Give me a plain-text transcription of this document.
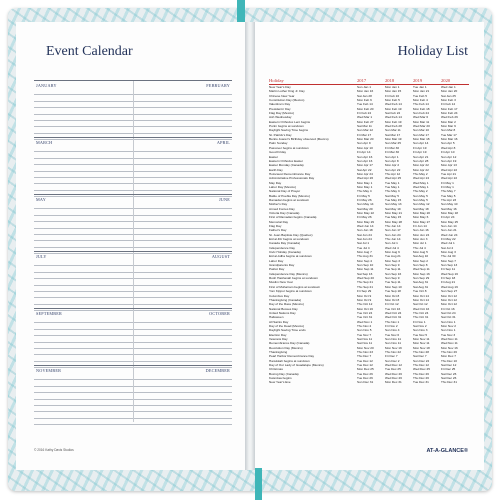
Event Calendar
JANUARY	FEBRUARY
MARCH	APRIL
MAY	JUNE
JULY	AUGUST
SEPTEMBER	OCTOBER
NOVEMBER	DECEMBER
© 2016 Kathy Davis Studios
Holiday List
Holiday	2017	2018	2019	2020
New Year's Day	Sun Jan 1	Mon Jan 1	Tue Jan 1	Wed Jan 1
Martin Luther King Jr. Day	Mon Jan 16	Mon Jan 15	Mon Jan 21	Mon Jan 20
Chinese New Year	Sat Jan 28	Fri Feb 16	Tue Feb 5	Sat Jan 25
Constitution Day (Mexico)	Mon Feb 6	Mon Feb 5	Mon Feb 4	Mon Feb 3
Valentine's Day	Tue Feb 14	Wed Feb 14	Thu Feb 14	Fri Feb 14
Presidents' Day	Mon Feb 20	Mon Feb 19	Mon Feb 18	Mon Feb 17
Flag Day (Mexico)	Fri Feb 24	Sat Feb 24	Sun Feb 24	Mon Feb 24
Ash Wednesday	Wed Mar 1	Wed Feb 14	Wed Mar 6	Wed Feb 26
Eastern Orthodox Lent begins	Mon Feb 27	Mon Feb 19	Mon Mar 11	Mon Mar 2
Purim begins at sundown	Sat Mar 11	Wed Feb 28	Wed Mar 20	Mon Mar 9
Daylight Saving Time begins	Sun Mar 12	Sun Mar 11	Sun Mar 10	Sun Mar 8
St. Patrick's Day	Fri Mar 17	Sat Mar 17	Sun Mar 17	Tue Mar 17
Benito Juarez's Birthday observed (Mexico)	Mon Mar 20	Mon Mar 19	Mon Mar 18	Mon Mar 16
Palm Sunday	Sun Apr 9	Sun Mar 25	Sun Apr 14	Sun Apr 5
Passover begins at sundown	Mon Apr 10	Fri Mar 30	Fri Apr 19	Wed Apr 8
Good Friday	Fri Apr 14	Fri Mar 30	Fri Apr 19	Fri Apr 10
Easter	Sun Apr 16	Sun Apr 1	Sun Apr 21	Sun Apr 12
Eastern Orthodox Easter	Sun Apr 16	Sun Apr 8	Sun Apr 28	Sun Apr 19
Easter Monday (Canada)	Mon Apr 17	Mon Apr 2	Mon Apr 22	Mon Apr 13
Earth Day	Sat Apr 22	Sun Apr 22	Mon Apr 22	Wed Apr 22
Holocaust Remembrance Day	Mon Apr 24	Thu Apr 12	Thu May 2	Tue Apr 21
Administrative Professionals Day	Wed Apr 26	Wed Apr 25	Wed Apr 24	Wed Apr 22
May Day	Mon May 1	Tue May 1	Wed May 1	Fri May 1
Labor Day (Mexico)	Mon May 1	Tue May 1	Wed May 1	Fri May 1
National Day of Prayer	Thu May 4	Thu May 3	Thu May 2	Thu May 7
Battle of Puebla Day (Mexico)	Fri May 5	Sat May 5	Sun May 5	Tue May 5
Ramadan begins at sundown	Fri May 26	Tue May 15	Sun May 5	Thu Apr 23
Mother's Day	Sun May 14	Sun May 13	Sun May 12	Sun May 10
Armed Forces Day	Sat May 20	Sat May 19	Sat May 18	Sat May 16
Victoria Day (Canada)	Mon May 22	Mon May 21	Mon May 20	Mon May 18
First of Ramadan begins (Canada)	Fri May 26	Tue May 15	Mon May 6	Fri Apr 24
Memorial Day	Mon May 29	Mon May 28	Mon May 27	Mon May 25
Flag Day	Wed Jun 14	Thu Jun 14	Fri Jun 14	Sun Jun 14
Father's Day	Sun Jun 18	Sun Jun 17	Sun Jun 16	Sun Jun 21
St. Jean Baptiste Day (Quebec)	Sat Jun 24	Sun Jun 24	Mon Jun 24	Wed Jun 24
Eid al-Fitr begins at sundown	Sat Jun 24	Thu Jun 14	Mon Jun 3	Fri May 22
Canada Day (Canada)	Sat Jul 1	Sun Jul 1	Mon Jul 1	Wed Jul 1
Independence Day	Tue Jul 4	Wed Jul 4	Thu Jul 4	Sat Jul 4
Civic Holiday (Canada)	Mon Aug 7	Mon Aug 6	Mon Aug 5	Mon Aug 3
Eid al-Adha begins at sundown	Thu Aug 31	Tue Aug 21	Sat Aug 10	Thu Jul 30
Labor Day	Mon Sep 4	Mon Sep 3	Mon Sep 2	Mon Sep 7
Grandparents Day	Sun Sep 10	Sun Sep 9	Sun Sep 8	Sun Sep 13
Patriot Day	Mon Sep 11	Tue Sep 11	Wed Sep 11	Fri Sep 11
Independence Day (Mexico)	Sat Sep 16	Sun Sep 16	Mon Sep 16	Wed Sep 16
Rosh Hashanah begins at sundown	Wed Sep 20	Sun Sep 9	Sun Sep 29	Fri Sep 18
Muslim New Year	Thu Sep 21	Tue Sep 11	Sat Aug 31	Fri Aug 21
First of Muharram begins at sundown	Thu Sep 21	Mon Sep 10	Sat Aug 31	Wed Aug 19
Yom Kippur begins at sundown	Fri Sep 29	Tue Sep 18	Tue Oct 8	Sun Sep 27
Columbus Day	Mon Oct 9	Mon Oct 8	Mon Oct 14	Mon Oct 12
Thanksgiving (Canada)	Mon Oct 9	Mon Oct 8	Mon Oct 14	Mon Oct 12
Day of the Race (Mexico)	Thu Oct 12	Fri Oct 12	Sat Oct 12	Mon Oct 12
National Bosses Day	Mon Oct 16	Tue Oct 16	Wed Oct 16	Fri Oct 16
United Nations Day	Tue Oct 24	Wed Oct 24	Thu Oct 24	Sat Oct 24
Halloween	Tue Oct 31	Wed Oct 31	Thu Oct 31	Sat Oct 31
All Saints Day	Wed Nov 1	Thu Nov 1	Fri Nov 1	Sun Nov 1
Day of the Dead (Mexico)	Thu Nov 2	Fri Nov 2	Sat Nov 2	Mon Nov 2
Daylight Saving Time ends	Sun Nov 5	Sun Nov 4	Sun Nov 3	Sun Nov 1
Election Day	Tue Nov 7	Tue Nov 6	Tue Nov 5	Tue Nov 3
Veterans Day	Sat Nov 11	Sun Nov 11	Mon Nov 11	Wed Nov 11
Remembrance Day (Canada)	Sat Nov 11	Sun Nov 11	Mon Nov 11	Wed Nov 11
Revolution Day (Mexico)	Mon Nov 20	Mon Nov 19	Mon Nov 18	Mon Nov 16
Thanksgiving	Thu Nov 23	Thu Nov 22	Thu Nov 28	Thu Nov 26
Pearl Harbor Remembrance Day	Thu Dec 7	Fri Dec 7	Sat Dec 7	Mon Dec 7
Hanukkah begins at sundown	Tue Dec 12	Sun Dec 2	Sun Dec 22	Thu Dec 10
Day of Our Lady of Guadalupe (Mexico)	Tue Dec 12	Wed Dec 12	Thu Dec 12	Sat Dec 12
Christmas	Mon Dec 25	Tue Dec 25	Wed Dec 25	Fri Dec 25
Boxing Day (Canada)	Tue Dec 26	Wed Dec 26	Thu Dec 26	Sat Dec 26
Kwanzaa begins	Tue Dec 26	Wed Dec 26	Thu Dec 26	Sat Dec 26
New Year's Eve	Sun Dec 31	Mon Dec 31	Tue Dec 31	Thu Dec 31
AT-A-GLANCE®
